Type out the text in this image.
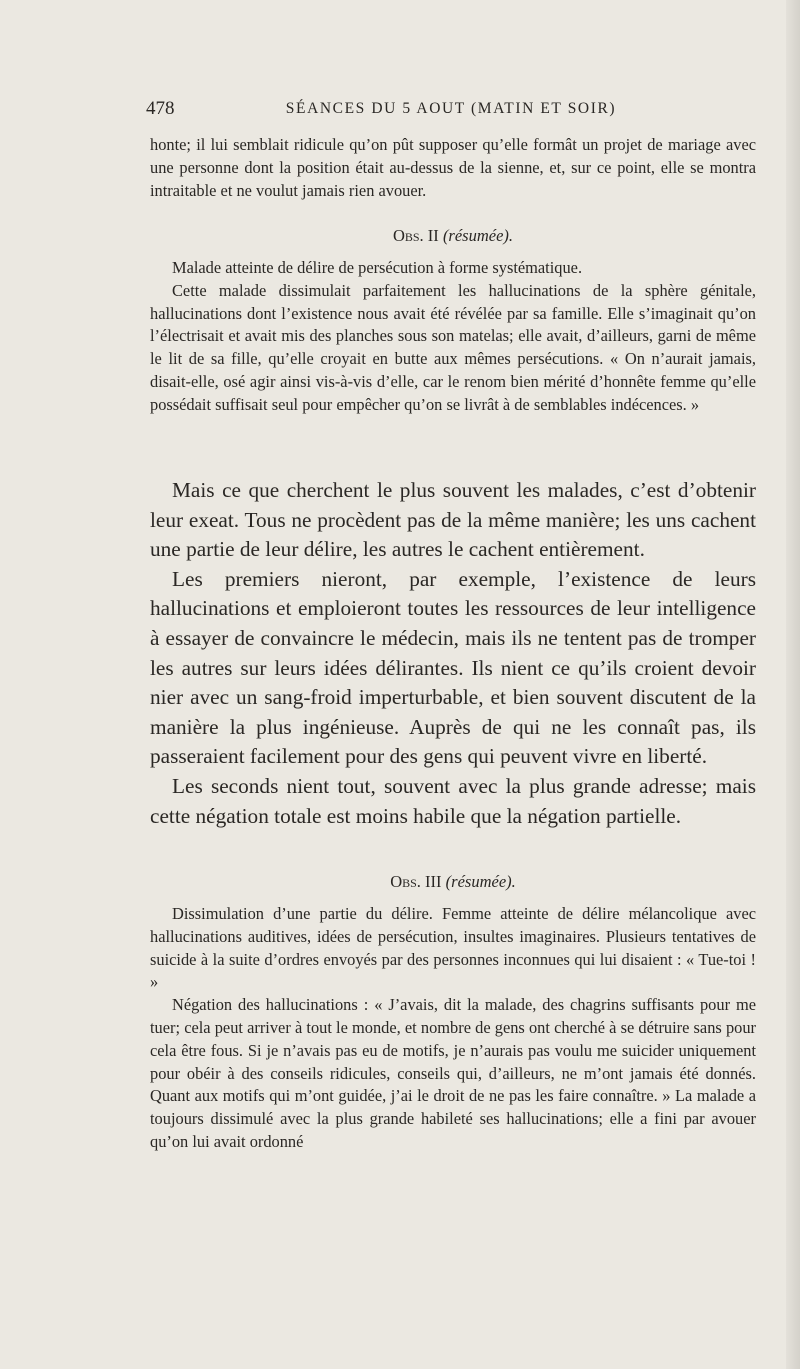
478	SÉANCES DU 5 AOUT (MATIN ET SOIR)

honte; il lui semblait ridicule qu’on pût supposer qu’elle formât un projet de mariage avec une personne dont la position était au-dessus de la sienne, et, sur ce point, elle se montra intraitable et ne voulut jamais rien avouer.

Obs. II (résumée).

Malade atteinte de délire de persécution à forme systématique.

Cette malade dissimulait parfaitement les hallucinations de la sphère génitale, hallucinations dont l’existence nous avait été révélée par sa famille. Elle s’imaginait qu’on l’électrisait et avait mis des planches sous son matelas; elle avait, d’ailleurs, garni de même le lit de sa fille, qu’elle croyait en butte aux mêmes persécutions. « On n’aurait jamais, disait-elle, osé agir ainsi vis-à-vis d’elle, car le renom bien mérité d’honnête femme qu’elle possédait suffisait seul pour empêcher qu’on se livrât à de semblables indécences. »

Mais ce que cherchent le plus souvent les malades, c’est d’obtenir leur exeat. Tous ne procèdent pas de la même manière; les uns cachent une partie de leur délire, les autres le cachent entièrement.

Les premiers nieront, par exemple, l’existence de leurs hallucinations et emploieront toutes les ressources de leur intelligence à essayer de convaincre le médecin, mais ils ne tentent pas de tromper les autres sur leurs idées délirantes. Ils nient ce qu’ils croient devoir nier avec un sang-froid imperturbable, et bien souvent discutent de la manière la plus ingénieuse. Auprès de qui ne les connaît pas, ils passeraient facilement pour des gens qui peuvent vivre en liberté.

Les seconds nient tout, souvent avec la plus grande adresse; mais cette négation totale est moins habile que la négation partielle.

Obs. III (résumée).

Dissimulation d’une partie du délire. Femme atteinte de délire mélancolique avec hallucinations auditives, idées de persécution, insultes imaginaires. Plusieurs tentatives de suicide à la suite d’ordres envoyés par des personnes inconnues qui lui disaient : « Tue-toi ! »

Négation des hallucinations : « J’avais, dit la malade, des chagrins suffisants pour me tuer; cela peut arriver à tout le monde, et nombre de gens ont cherché à se détruire sans pour cela être fous. Si je n’avais pas eu de motifs, je n’aurais pas voulu me suicider uniquement pour obéir à des conseils ridicules, conseils qui, d’ailleurs, ne m’ont jamais été donnés. Quant aux motifs qui m’ont guidée, j’ai le droit de ne pas les faire connaître. » La malade a toujours dissimulé avec la plus grande habileté ses hallucinations; elle a fini par avouer qu’on lui avait ordonné
